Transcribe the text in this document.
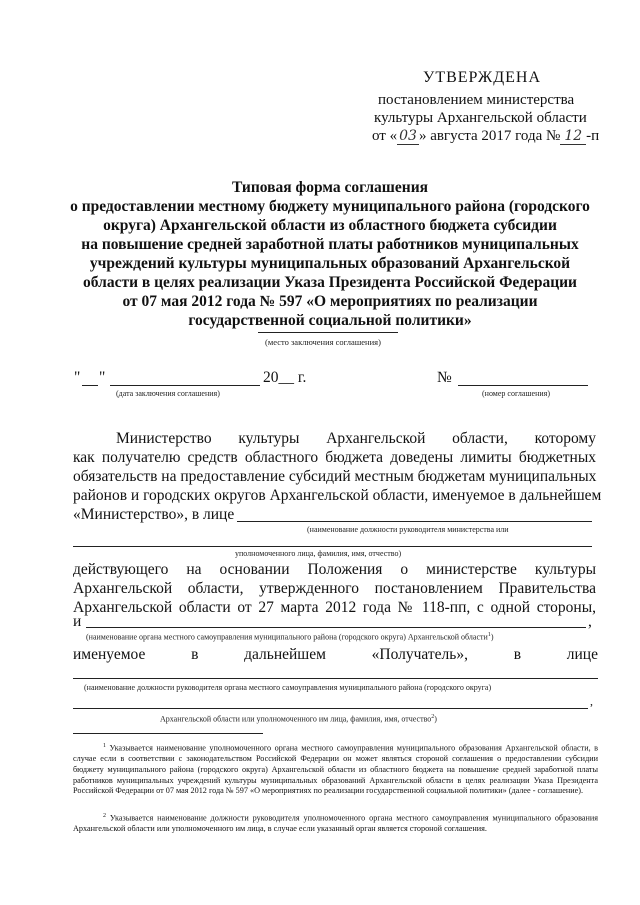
УТВЕРЖДЕНА
постановлением министерства
культуры Архангельской области
от « 03 » августа 2017 года № 12 -п
Типовая форма соглашения
о предоставлении местному бюджету муниципального района (городского
округа) Архангельской области из областного бюджета субсидии
на повышение средней заработной платы работников муниципальных
учреждений культуры муниципальных образований Архангельской
области в целях реализации Указа Президента Российской Федерации
от 07 мая 2012 года № 597 «О мероприятиях по реализации
государственной социальной политики»
(место заключения соглашения)
" "	20__ г.	№
(дата заключения соглашения)	(номер соглашения)
Министерство культуры Архангельской области, которому
как получателю средств областного бюджета доведены лимиты бюджетных
обязательств на предоставление субсидий местным бюджетам муниципальных
районов и городских округов Архангельской области, именуемое в дальнейшем
«Министерство», в лице
(наименование должности руководителя министерства или
уполномоченного лица, фамилия, имя, отчество)
действующего на основании Положения о министерстве культуры
Архангельской области, утвержденного постановлением Правительства
Архангельской области от 27 марта 2012 года № 118-пп, с одной стороны,
и	,
(наименование органа местного самоуправления муниципального района (городского округа) Архангельской области$^1$)
именуемое	в	дальнейшем	«Получатель»,	в	лице
(наименование должности руководителя органа местного самоуправления муниципального района (городского округа)
,
Архангельской области или уполномоченного им лица, фамилия, имя, отчество$^2$)
$^1$ Указывается наименование уполномоченного органа местного самоуправления муниципального образования Архангельской области, в случае если в соответствии с законодательством Российской Федерации он может являться стороной соглашения о предоставлении субсидии бюджету муниципального района (городского округа) Архангельской области из областного бюджета на повышение средней заработной платы работников муниципальных учреждений культуры муниципальных образований Архангельской области в целях реализации Указа Президента Российской Федерации от 07 мая 2012 года № 597 «О мероприятиях по реализации государственной социальной политики» (далее - соглашение).
$^2$ Указывается наименование должности руководителя уполномоченного органа местного самоуправления муниципального образования Архангельской области или уполномоченного им лица, в случае если указанный орган является стороной соглашения.
